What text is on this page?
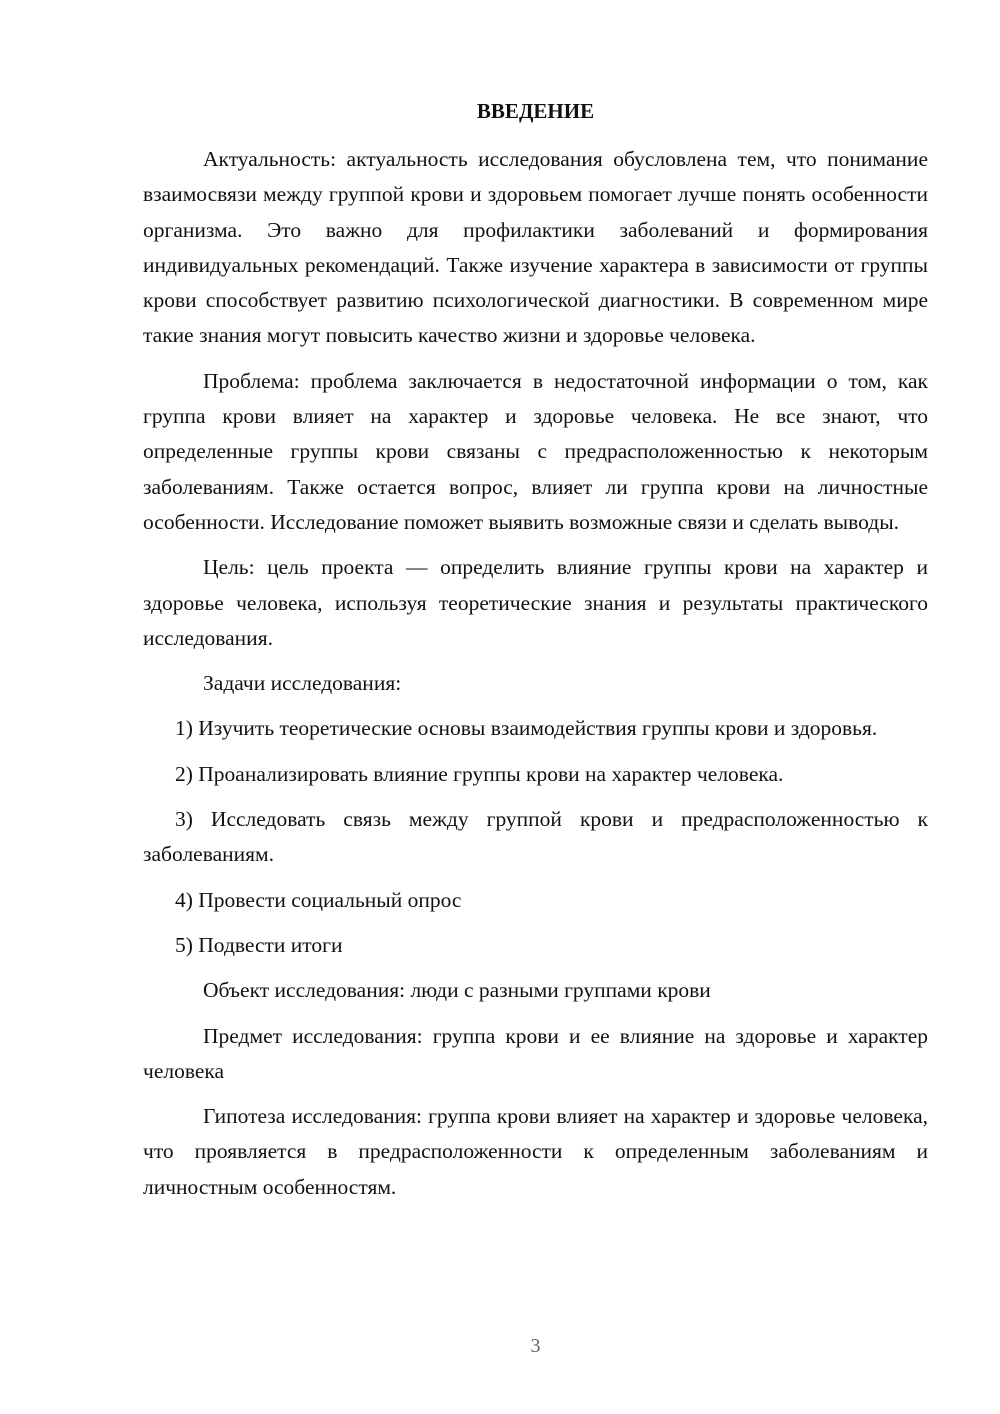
ВВЕДЕНИЕ

Актуальность: актуальность исследования обусловлена тем, что понимание взаимосвязи между группой крови и здоровьем помогает лучше понять особенности организма. Это важно для профилактики заболеваний и формирования индивидуальных рекомендаций. Также изучение характера в зависимости от группы крови способствует развитию психологической диагностики. В современном мире такие знания могут повысить качество жизни и здоровье человека.

Проблема: проблема заключается в недостаточной информации о том, как группа крови влияет на характер и здоровье человека. Не все знают, что определенные группы крови связаны с предрасположенностью к некоторым заболеваниям. Также остается вопрос, влияет ли группа крови на личностные особенности. Исследование поможет выявить возможные связи и сделать выводы.

Цель: цель проекта — определить влияние группы крови на характер и здоровье человека, используя теоретические знания и результаты практического исследования.

Задачи исследования:

1) Изучить теоретические основы взаимодействия группы крови и здоровья.

2) Проанализировать влияние группы крови на характер человека.

3) Исследовать связь между группой крови и предрасположенностью к заболеваниям.

4) Провести социальный опрос

5) Подвести итоги

Объект исследования: люди с разными группами крови

Предмет исследования: группа крови и ее влияние на здоровье и характер человека

Гипотеза исследования: группа крови влияет на характер и здоровье человека, что проявляется в предрасположенности к определенным заболеваниям и личностным особенностям.

3
